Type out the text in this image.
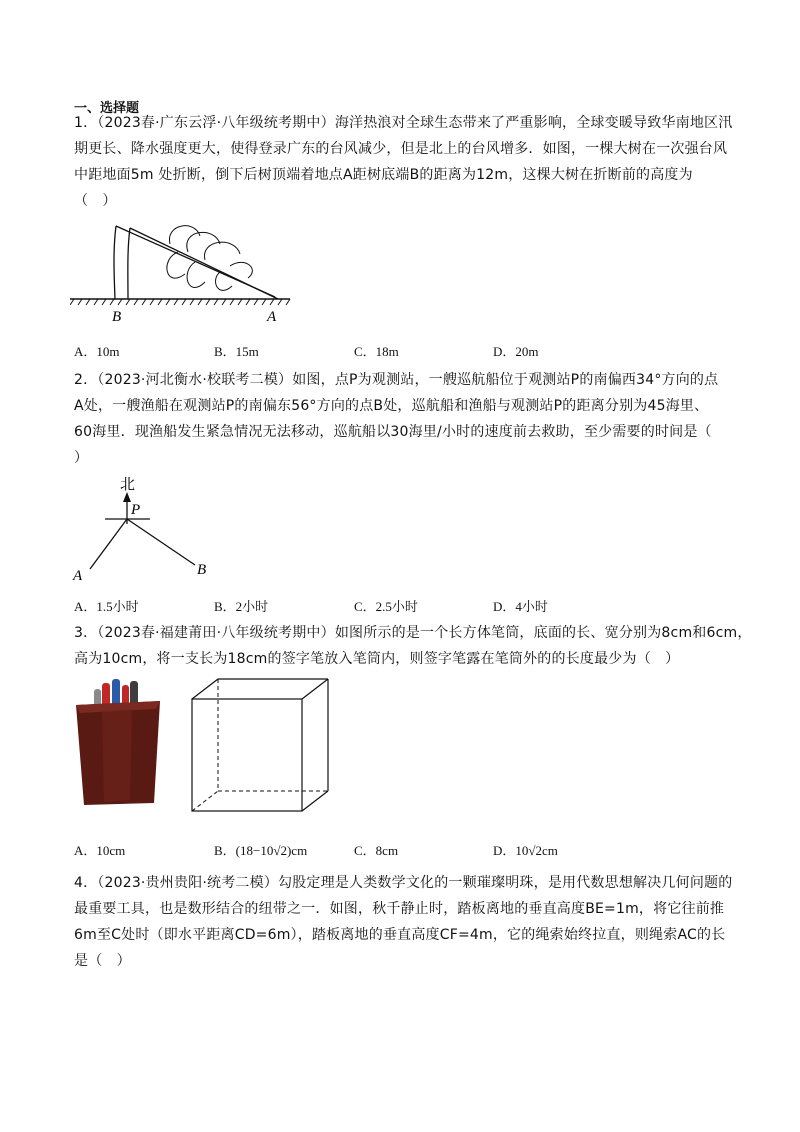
一、选择题
1．（2023春·广东云浮·八年级统考期中）海洋热浪对全球生态带来了严重影响，全球变暖导致华南地区汛
期更长、降水强度更大，使得登录广东的台风减少，但是北上的台风增多．如图，一棵大树在一次强台风
中距地面5m 处折断，倒下后树顶端着地点A距树底端B的距离为12m，这棵大树在折断前的高度为
（　）
B	A
A．10m	B．15m	C．18m	D．20m
2．（2023·河北衡水·校联考二模）如图，点P为观测站，一艘巡航船位于观测站P的南偏西34°方向的点
A处，一艘渔船在观测站P的南偏东56°方向的点B处，巡航船和渔船与观测站P的距离分别为45海里、
60海里．现渔船发生紧急情况无法移动，巡航船以30海里/小时的速度前去救助，至少需要的时间是（
）
北
P
A	B
A．1.5小时	B．2小时	C．2.5小时	D．4小时
3．（2023春·福建莆田·八年级统考期中）如图所示的是一个长方体笔筒，底面的长、宽分别为8cm和6cm，
高为10cm，将一支长为18cm的签字笔放入笔筒内，则签字笔露在笔筒外的的长度最少为（　）
A．10cm	B．(18−10√2)cm	C．8cm	D．10√2cm
4．（2023·贵州贵阳·统考二模）勾股定理是人类数学文化的一颗璀璨明珠，是用代数思想解决几何问题的
最重要工具，也是数形结合的纽带之一．如图，秋千静止时，踏板离地的垂直高度BE=1m，将它往前推
6m至C处时（即水平距离CD=6m），踏板离地的垂直高度CF=4m，它的绳索始终拉直，则绳索AC的长
是（　）
